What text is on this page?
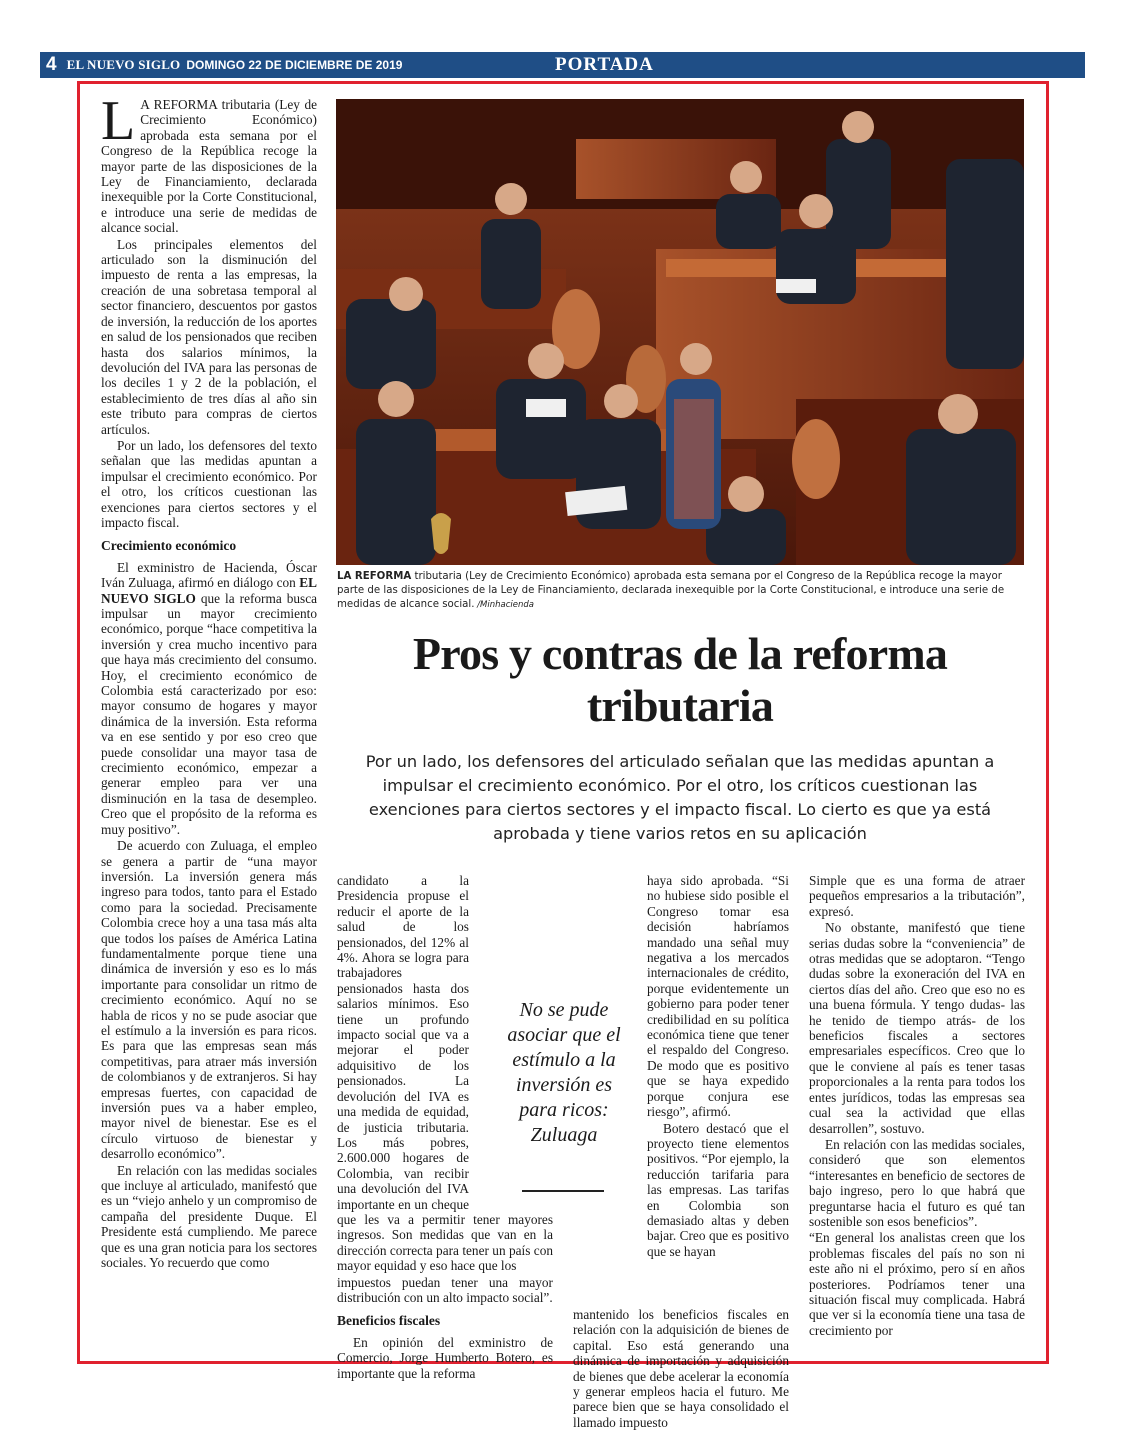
4 EL NUEVO SIGLO DOMINGO 22 DE DICIEMBRE DE 2019	PORTADA

L A REFORMA tributaria (Ley de Crecimiento Económico) aprobada esta semana por el Congreso de la República recoge la mayor parte de las disposiciones de la Ley de Financiamiento, declarada inexequible por la Corte Constitucional, e introduce una serie de medidas de alcance social.

Los principales elementos del articulado son la disminución del impuesto de renta a las empresas, la creación de una sobretasa temporal al sector financiero, descuentos por gastos de inversión, la reducción de los aportes en salud de los pensionados que reciben hasta dos salarios mínimos, la devolución del IVA para las personas de los deciles 1 y 2 de la población, el establecimiento de tres días al año sin este tributo para compras de ciertos artículos.

Por un lado, los defensores del texto señalan que las medidas apuntan a impulsar el crecimiento económico. Por el otro, los críticos cuestionan las exenciones para ciertos sectores y el impacto fiscal.

Crecimiento económico

El exministro de Hacienda, Óscar Iván Zuluaga, afirmó en diálogo con EL NUEVO SIGLO que la reforma busca impulsar un mayor crecimiento económico, porque “hace competitiva la inversión y crea mucho incentivo para que haya más crecimiento del consumo. Hoy, el crecimiento económico de Colombia está caracterizado por eso: mayor consumo de hogares y mayor dinámica de la inversión. Esta reforma va en ese sentido y por eso creo que puede consolidar una mayor tasa de crecimiento económico, empezar a generar empleo para ver una disminución en la tasa de desempleo. Creo que el propósito de la reforma es muy positivo”.

De acuerdo con Zuluaga, el empleo se genera a partir de “una mayor inversión. La inversión genera más ingreso para todos, tanto para el Estado como para la sociedad. Precisamente Colombia crece hoy a una tasa más alta que todos los países de América Latina fundamentalmente porque tiene una dinámica de inversión y eso es lo más importante para consolidar un ritmo de crecimiento económico. Aquí no se habla de ricos y no se pude asociar que el estímulo a la inversión es para ricos. Es para que las empresas sean más competitivas, para atraer más inversión de colombianos y de extranjeros. Si hay empresas fuertes, con capacidad de inversión pues va a haber empleo, mayor nivel de bienestar. Ese es el círculo virtuoso de bienestar y desarrollo económico”.

En relación con las medidas sociales que incluye al articulado, manifestó que es un “viejo anhelo y un compromiso de campaña del presidente Duque. El Presidente está cumpliendo. Me parece que es una gran noticia para los sectores sociales. Yo recuerdo que como

LA REFORMA tributaria (Ley de Crecimiento Económico) aprobada esta semana por el Congreso de la República recoge la mayor parte de las disposiciones de la Ley de Financiamiento, declarada inexequible por la Corte Constitucional, e introduce una serie de medidas de alcance social. /Minhacienda
Pros y contras de la reforma tributaria
Por un lado, los defensores del articulado señalan que las medidas apuntan a impulsar el crecimiento económico. Por el otro, los críticos cuestionan las exenciones para ciertos sectores y el impacto fiscal. Lo cierto es que ya está aprobada y tiene varios retos en su aplicación

candidato a la Presidencia propuse el reducir el aporte de la salud de los pensionados, del 12% al 4%. Ahora se logra para trabajadores pensionados hasta dos salarios mínimos. Eso tiene un profundo impacto social que va a mejorar el poder adquisitivo de los pensionados. La devolución del IVA es una medida de equidad, de justicia tributaria. Los más pobres, 2.600.000 hogares de Colombia, van recibir una devolución del IVA importante en un cheque que les va a permitir tener mayores ingresos. Son medidas que van en la dirección correcta para tener un país con mayor equidad y eso hace que los

impuestos puedan tener una mayor distribución con un alto impacto social”.

Beneficios fiscales

En opinión del exministro de Comercio, Jorge Humberto Botero, es importante que la reforma

haya sido aprobada. “Si no hubiese sido posible el Congreso tomar esa decisión habríamos mandado una señal muy negativa a los mercados internacionales de crédito, porque evidentemente un gobierno para poder tener credibilidad en su política económica tiene que tener el respaldo del Congreso. De modo que es positivo que se haya expedido porque conjura ese riesgo”, afirmó.

Botero destacó que el proyecto tiene elementos positivos. “Por ejemplo, la reducción tarifaria para las empresas. Las tarifas en Colombia son demasiado altas y deben bajar. Creo que es positivo que se hayan

mantenido los beneficios fiscales en relación con la adquisición de bienes de capital. Eso está generando una dinámica de importación y adquisición de bienes que debe acelerar la economía y generar empleos hacia el futuro. Me parece bien que se haya consolidado el llamado impuesto

No se pude asociar que el estímulo a la inversión es para ricos: Zuluaga

Simple que es una forma de atraer pequeños empresarios a la tributación”, expresó.

No obstante, manifestó que tiene serias dudas sobre la “conveniencia” de otras medidas que se adoptaron. “Tengo dudas sobre la exoneración del IVA en ciertos días del año. Creo que eso no es una buena fórmula. Y tengo dudas- las he tenido de tiempo atrás- de los beneficios fiscales a sectores empresariales específicos. Creo que lo que le conviene al país es tener tasas proporcionales a la renta para todos los entes jurídicos, todas las empresas sea cual sea la actividad que ellas desarrollen”, sostuvo.

En relación con las medidas sociales, consideró que son elementos “interesantes en beneficio de sectores de bajo ingreso, pero lo que habrá que preguntarse hacia el futuro es qué tan sostenible son esos beneficios”.

“En general los analistas creen que los problemas fiscales del país no son ni este año ni el próximo, pero sí en años posteriores. Podríamos tener una situación fiscal muy complicada. Habrá que ver si la economía tiene una tasa de crecimiento por
